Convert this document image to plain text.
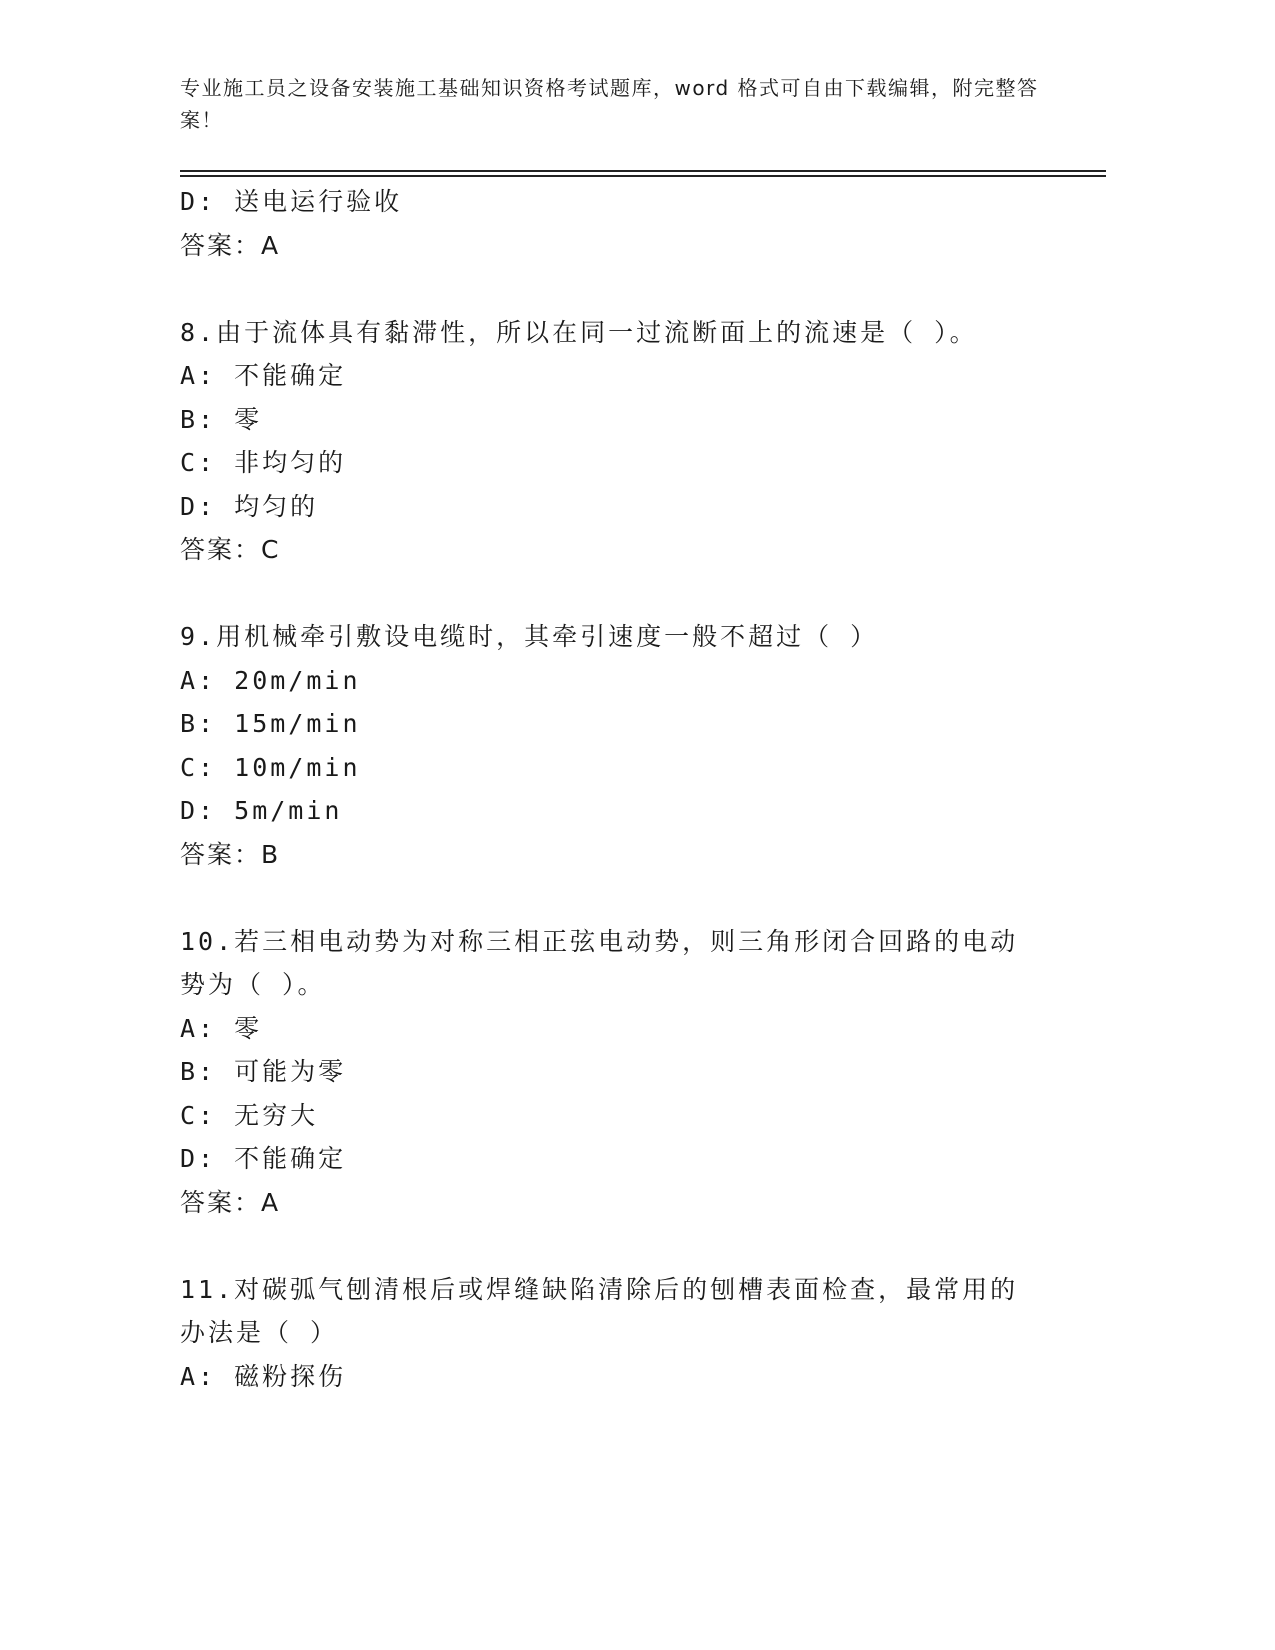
专业施工员之设备安装施工基础知识资格考试题库，word 格式可自由下载编辑，附完整答案！
D: 送电运行验收
答案：A
8.由于流体具有黏滞性，所以在同一过流断面上的流速是（ ）。
A: 不能确定
B: 零
C: 非均匀的
D: 均匀的
答案：C
9.用机械牵引敷设电缆时，其牵引速度一般不超过（ ）
A: 20m/min
B: 15m/min
C: 10m/min
D: 5m/min
答案：B
10.若三相电动势为对称三相正弦电动势，则三角形闭合回路的电动势为（ ）。
A: 零
B: 可能为零
C: 无穷大
D: 不能确定
答案：A
11.对碳弧气刨清根后或焊缝缺陷清除后的刨槽表面检查，最常用的办法是（ ）
A: 磁粉探伤
